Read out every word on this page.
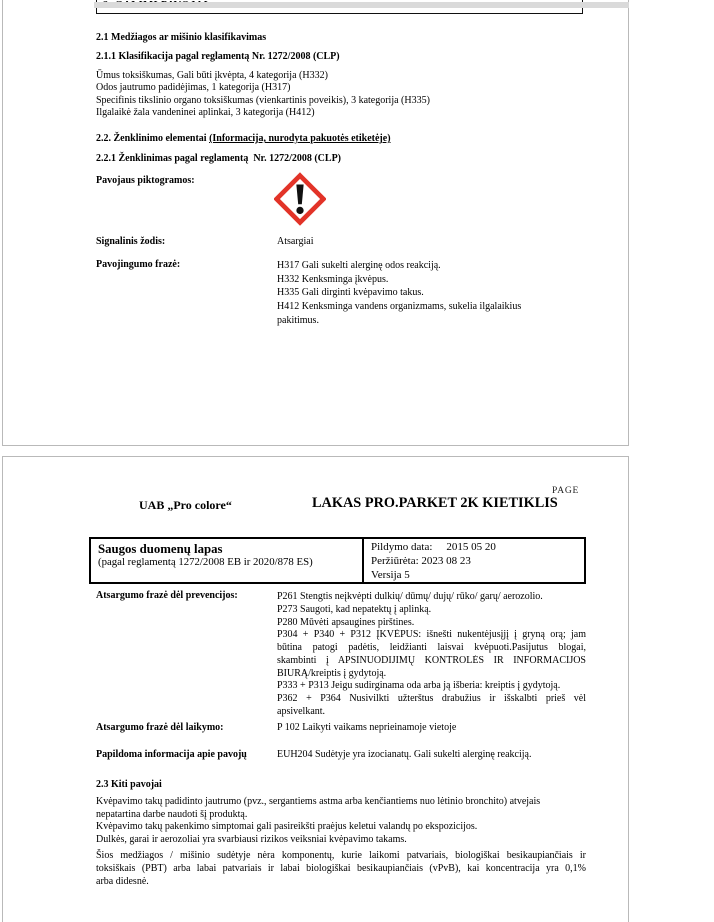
2.1 Medžiagos ar mišinio klasifikavimas
2.1.1 Klasifikacija pagal reglamentą Nr. 1272/2008 (CLP)
Ūmus toksiškumas, Gali būti įkvėpta, 4 kategorija (H332)
Odos jautrumo padidėjimas, 1 kategorija (H317)
Specifinis tikslinio organo toksiškumas (vienkartinis poveikis), 3 kategorija (H335)
Ilgalaikė žala vandeninei aplinkai, 3 kategorija (H412)
2.2. Ženklinimo elementai (Informacija, nurodyta pakuotės etiketėje)
2.2.1 Ženklinimas pagal reglamentą  Nr. 1272/2008 (CLP)
Pavojaus piktogramos:
Signalinis žodis:	Atsargiai
Pavojingumo frazė:	H317 Gali sukelti alerginę odos reakciją.
H332 Kenksminga įkvėpus.
H335 Gali dirginti kvėpavimo takus.
H412 Kenksminga vandens organizmams, sukelia ilgalaikius
pakitimus.
PAGE
UAB „Pro colore“	LAKAS PRO.PARKET 2K KIETIKLIS
Saugos duomenų lapas
(pagal reglamentą 1272/2008 EB ir 2020/878 ES)
Pildymo data: 2015 05 20
Peržiūrėta: 2023 08 23
Versija 5
Atsargumo frazė dėl prevencijos:	P261 Stengtis neįkvėpti dulkių/ dūmų/ dujų/ rūko/ garų/ aerozolio.
P273 Saugoti, kad nepatektų į aplinką.
P280 Mūvėti apsaugines pirštines.
P304 + P340 + P312 ĮKVĖPUS: išnešti nukentėjusįjį į gryną orą; jam
būtina patogi padėtis, leidžianti laisvai kvėpuoti.Pasijutus blogai,
skambinti į APSINUODIJIMŲ KONTROLĖS IR INFORMACIJOS
BIURĄ/kreiptis į gydytoją.
P333 + P313 Jeigu sudirginama oda arba ją išberia: kreiptis į gydytoją.
P362 + P364 Nusivilkti užterštus drabužius ir išskalbti prieš vėl
apsivelkant.
Atsargumo frazė dėl laikymo:	P 102 Laikyti vaikams neprieinamoje vietoje
Papildoma informacija apie pavojų	EUH204 Sudėtyje yra izocianatų. Gali sukelti alerginę reakciją.
2.3 Kiti pavojai
Kvėpavimo takų padidinto jautrumo (pvz., sergantiems astma arba kenčiantiems nuo lėtinio bronchito) atvejais
nepatartina darbe naudoti šį produktą.
Kvėpavimo takų pakenkimo simptomai gali pasireikšti praėjus keletui valandų po ekspozicijos.
Dulkės, garai ir aerozoliai yra svarbiausi rizikos veiksniai kvėpavimo takams.
Šios medžiagos / mišinio sudėtyje nėra komponentų, kurie laikomi patvariais, biologiškai besikaupiančiais ir
toksiškais (PBT) arba labai patvariais ir labai biologiškai besikaupiančiais (vPvB), kai koncentracija yra 0,1%
arba didesnė.
